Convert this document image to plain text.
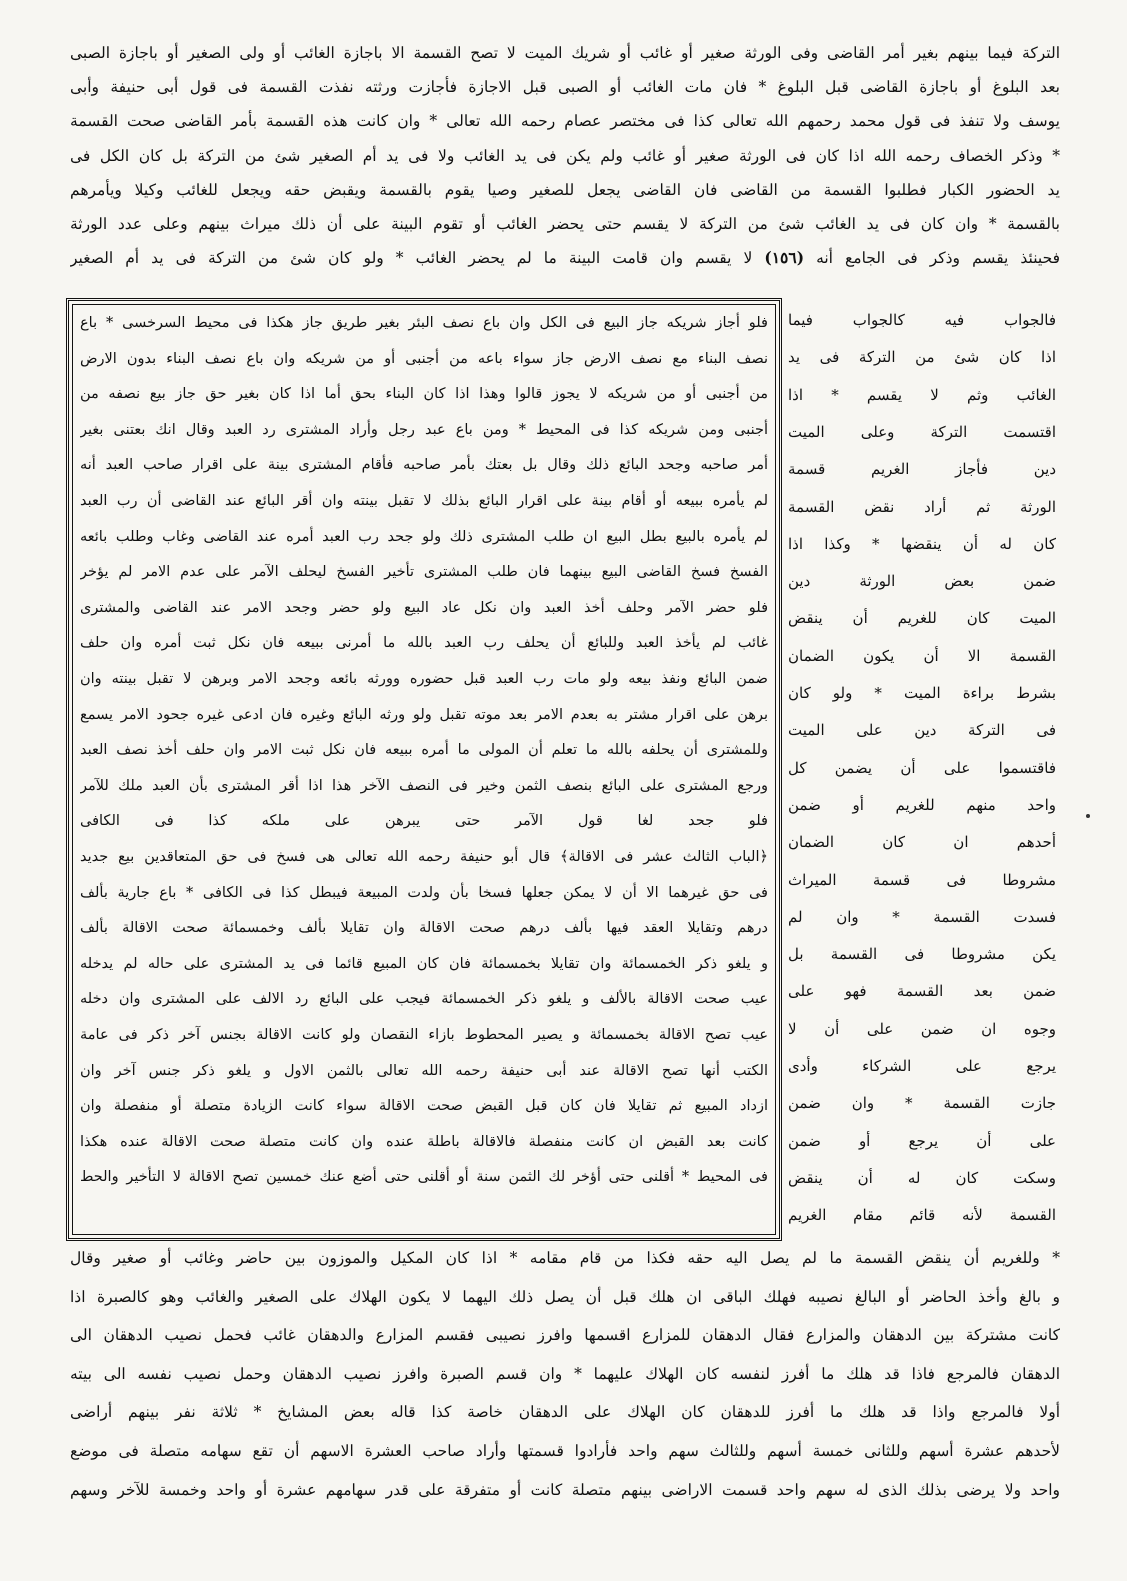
التركة فيما بينهم بغير أمر القاضى وفى الورثة صغير أو غائب أو شريك الميت لا تصح القسمة الا باجازة الغائب أو ولى الصغير أو باجازة الصبى
بعد البلوغ أو باجازة القاضى قبل البلوغ * فان مات الغائب أو الصبى قبل الاجازة فأجازت ورثته نفذت القسمة فى قول أبى حنيفة وأبى
يوسف ولا تنفذ فى قول محمد رحمهم الله تعالى كذا فى مختصر عصام رحمه الله تعالى * وان كانت هذه القسمة بأمر القاضى صحت القسمة
* وذكر الخصاف رحمه الله اذا كان فى الورثة صغير أو غائب ولم يكن فى يد الغائب ولا فى يد أم الصغير شئ من التركة بل كان الكل فى
يد الحضور الكبار فطلبوا القسمة من القاضى فان القاضى يجعل للصغير وصيا يقوم بالقسمة ويقبض حقه ويجعل للغائب وكيلا ويأمرهم
بالقسمة * وان كان فى يد الغائب شئ من التركة لا يقسم حتى يحضر الغائب أو تقوم البينة على أن ذلك ميراث بينهم وعلى عدد الورثة
فحينئذ يقسم وذكر فى الجامع أنه (١٥٦) لا يقسم وان قامت البينة ما لم يحضر الغائب * ولو كان شئ من التركة فى يد أم الصغير
فلو أجاز شريكه جاز البيع فى الكل وان باع نصف البئر بغير طريق جاز هكذا فى محيط السرخسى * باع
نصف البناء مع نصف الارض جاز سواء باعه من أجنبى أو من شريكه وان باع نصف البناء بدون الارض
من أجنبى أو من شريكه لا يجوز قالوا وهذا اذا كان البناء بحق أما اذا كان بغير حق جاز بيع نصفه من
أجنبى ومن شريكه كذا فى المحيط * ومن باع عبد رجل وأراد المشترى رد العبد وقال انك بعتنى بغير
أمر صاحبه وجحد البائع ذلك وقال بل بعتك بأمر صاحبه فأقام المشترى بينة على اقرار صاحب العبد أنه
لم يأمره ببيعه أو أقام بينة على اقرار البائع بذلك لا تقبل بينته وان أقر البائع عند القاضى أن رب العبد
لم يأمره بالبيع بطل البيع ان طلب المشترى ذلك ولو جحد رب العبد أمره عند القاضى وغاب وطلب بائعه
الفسخ فسخ القاضى البيع بينهما فان طلب المشترى تأخير الفسخ ليحلف الآمر على عدم الامر لم يؤخر
فلو حضر الآمر وحلف أخذ العبد وان نكل عاد البيع ولو حضر وجحد الامر عند القاضى والمشترى
غائب لم يأخذ العبد وللبائع أن يحلف رب العبد بالله ما أمرنى ببيعه فان نكل ثبت أمره وان حلف
ضمن البائع ونفذ بيعه ولو مات رب العبد قبل حضوره وورثه بائعه وجحد الامر وبرهن لا تقبل بينته وان
برهن على اقرار مشتر به بعدم الامر بعد موته تقبل ولو ورثه البائع وغيره فان ادعى غيره جحود الامر يسمع
وللمشترى أن يحلفه بالله ما تعلم أن المولى ما أمره ببيعه فان نكل ثبت الامر وان حلف أخذ نصف العبد
ورجع المشترى على البائع بنصف الثمن وخير فى النصف الآخر هذا اذا أقر المشترى بأن العبد ملك للآمر
فلو جحد لغا قول الآمر حتى يبرهن على ملكه كذا فى الكافى
﴿الباب الثالث عشر فى الاقالة﴾ قال أبو حنيفة رحمه الله تعالى هى فسخ فى حق المتعاقدين بيع جديد
فى حق غيرهما الا أن لا يمكن جعلها فسخا بأن ولدت المبيعة فيبطل كذا فى الكافى * باع جارية بألف
درهم وتقايلا العقد فيها بألف درهم صحت الاقالة وان تقايلا بألف وخمسمائة صحت الاقالة بألف
و يلغو ذكر الخمسمائة وان تقايلا بخمسمائة فان كان المبيع قائما فى يد المشترى على حاله لم يدخله
عيب صحت الاقالة بالألف و يلغو ذكر الخمسمائة فيجب على البائع رد الالف على المشترى وان دخله
عيب تصح الاقالة بخمسمائة و يصير المحطوط بازاء النقصان ولو كانت الاقالة بجنس آخر ذكر فى عامة
الكتب أنها تصح الاقالة عند أبى حنيفة رحمه الله تعالى بالثمن الاول و يلغو ذكر جنس آخر وان
ازداد المبيع ثم تقايلا فان كان قبل القبض صحت الاقالة سواء كانت الزيادة متصلة أو منفصلة وان
كانت بعد القبض ان كانت منفصلة فالاقالة باطلة عنده وان كانت متصلة صحت الاقالة عنده هكذا
فى المحيط * أقلنى حتى أؤخر لك الثمن سنة أو أقلنى حتى أضع عنك خمسين تصح الاقالة لا التأخير والحط
فالجواب فيه كالجواب فيما
اذا كان شئ من التركة فى يد
الغائب وثم لا يقسم * اذا
اقتسمت التركة وعلى الميت
دين فأجاز الغريم قسمة
الورثة ثم أراد نقض القسمة
كان له أن ينقضها * وكذا اذا
ضمن بعض الورثة دين
الميت كان للغريم أن ينقض
القسمة الا أن يكون الضمان
بشرط براءة الميت * ولو كان
فى التركة دين على الميت
فاقتسموا على أن يضمن كل
واحد منهم للغريم أو ضمن
أحدهم ان كان الضمان
مشروطا فى قسمة الميراث
فسدت القسمة * وان لم
يكن مشروطا فى القسمة بل
ضمن بعد القسمة فهو على
وجوه ان ضمن على أن لا
يرجع على الشركاء وأدى
جازت القسمة * وان ضمن
على أن يرجع أو ضمن
وسكت كان له أن ينقض
القسمة لأنه قائم مقام الغريم
* وللغريم أن ينقض القسمة ما لم يصل اليه حقه فكذا من قام مقامه * اذا كان المكيل والموزون بين حاضر وغائب أو صغير وقال
و بالغ وأخذ الحاضر أو البالغ نصيبه فهلك الباقى ان هلك قبل أن يصل ذلك اليهما لا يكون الهلاك على الصغير والغائب وهو كالصبرة اذا
كانت مشتركة بين الدهقان والمزارع فقال الدهقان للمزارع اقسمها وافرز نصيبى فقسم المزارع والدهقان غائب فحمل نصيب الدهقان الى
الدهقان فالمرجع فاذا قد هلك ما أفرز لنفسه كان الهلاك عليهما * وان قسم الصبرة وافرز نصيب الدهقان وحمل نصيب نفسه الى بيته
أولا فالمرجع واذا قد هلك ما أفرز للدهقان كان الهلاك على الدهقان خاصة كذا قاله بعض المشايخ * ثلاثة نفر بينهم أراضى
لأحدهم عشرة أسهم وللثانى خمسة أسهم وللثالث سهم واحد فأرادوا قسمتها وأراد صاحب العشرة الاسهم أن تقع سهامه متصلة فى موضع
واحد ولا يرضى بذلك الذى له سهم واحد قسمت الاراضى بينهم متصلة كانت أو متفرقة على قدر سهامهم عشرة أو واحد وخمسة للآخر وسهم
